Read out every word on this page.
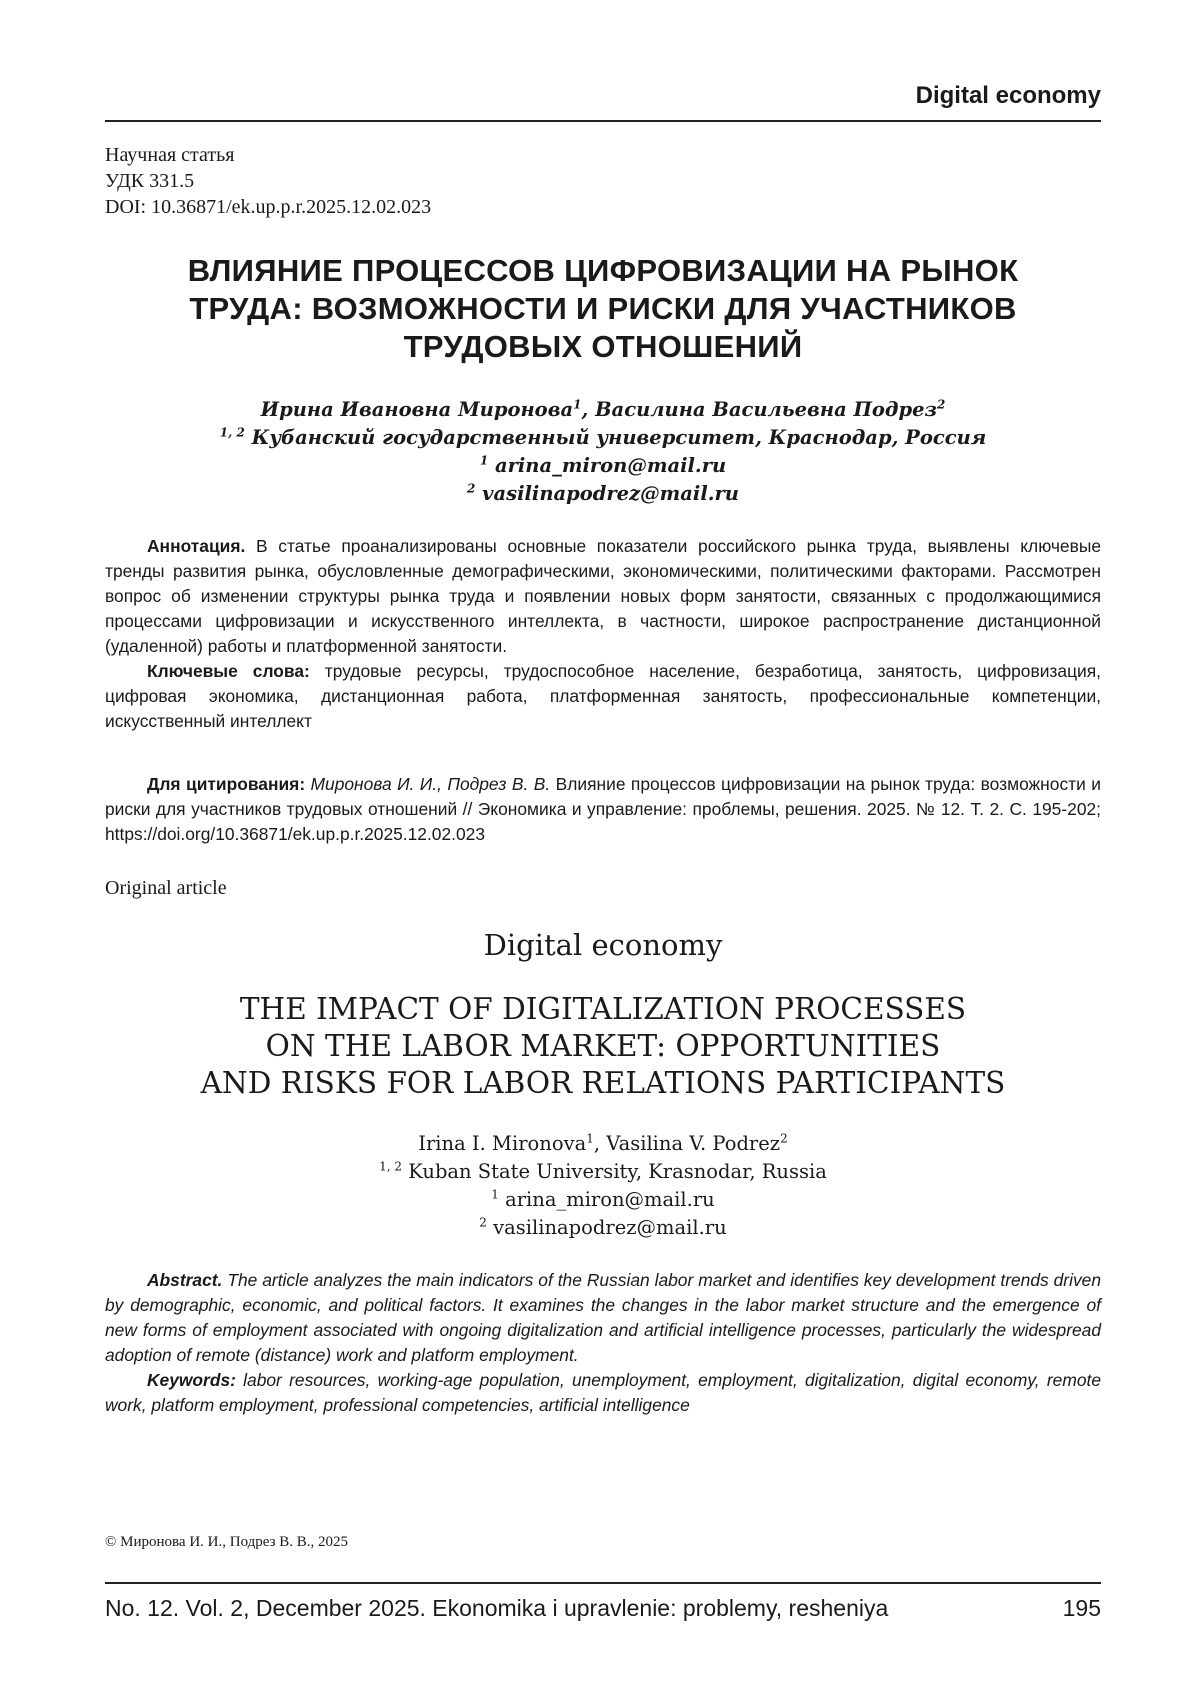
Digital economy
Научная статья
УДК 331.5
DOI: 10.36871/ek.up.p.r.2025.12.02.023
ВЛИЯНИЕ ПРОЦЕССОВ ЦИФРОВИЗАЦИИ НА РЫНОК
ТРУДА: ВОЗМОЖНОСТИ И РИСКИ ДЛЯ УЧАСТНИКОВ
ТРУДОВЫХ ОТНОШЕНИЙ
Ирина Ивановна Миронова1, Василина Васильевна Подрез2
1, 2 Кубанский государственный университет, Краснодар, Россия
1 arina_miron@mail.ru
2 vasilinapodrez@mail.ru

Аннотация. В статье проанализированы основные показатели российского рынка труда, выявлены ключевые тренды развития рынка, обусловленные демографическими, экономическими, политическими факторами. Рассмотрен вопрос об изменении структуры рынка труда и появлении новых форм занятости, связанных с продолжающимися процессами цифровизации и искусственного интеллекта, в частности, широкое распространение дистанционной (удаленной) работы и платформенной занятости.

Ключевые слова: трудовые ресурсы, трудоспособное население, безработица, занятость, цифровизация, цифровая экономика, дистанционная работа, платформенная занятость, профессиональные компетенции, искусственный интеллект

Для цитирования: Миронова И. И., Подрез В. В. Влияние процессов цифровизации на рынок труда: возможности и риски для участников трудовых отношений // Экономика и управление: проблемы, решения. 2025. № 12. Т. 2. С. 195-202; https://doi.org/10.36871/ek.up.p.r.2025.12.02.023

Original article
Digital economy
THE IMPACT OF DIGITALIZATION PROCESSES
ON THE LABOR MARKET: OPPORTUNITIES
AND RISKS FOR LABOR RELATIONS PARTICIPANTS
Irina I. Mironova1, Vasilina V. Podrez2
1, 2 Kuban State University, Krasnodar, Russia
1 arina_miron@mail.ru
2 vasilinapodrez@mail.ru

Abstract. The article analyzes the main indicators of the Russian labor market and identifies key development trends driven by demographic, economic, and political factors. It examines the changes in the labor market structure and the emergence of new forms of employment associated with ongoing digitalization and artificial intelligence processes, particularly the widespread adoption of remote (distance) work and platform employment.

Keywords: labor resources, working-age population, unemployment, employment, digitalization, digital economy, remote work, platform employment, professional competencies, artificial intelligence

© Миронова И. И., Подрез В. В., 2025
No. 12. Vol. 2, December 2025. Ekonomika i upravlenie: problemy, resheniya	195
